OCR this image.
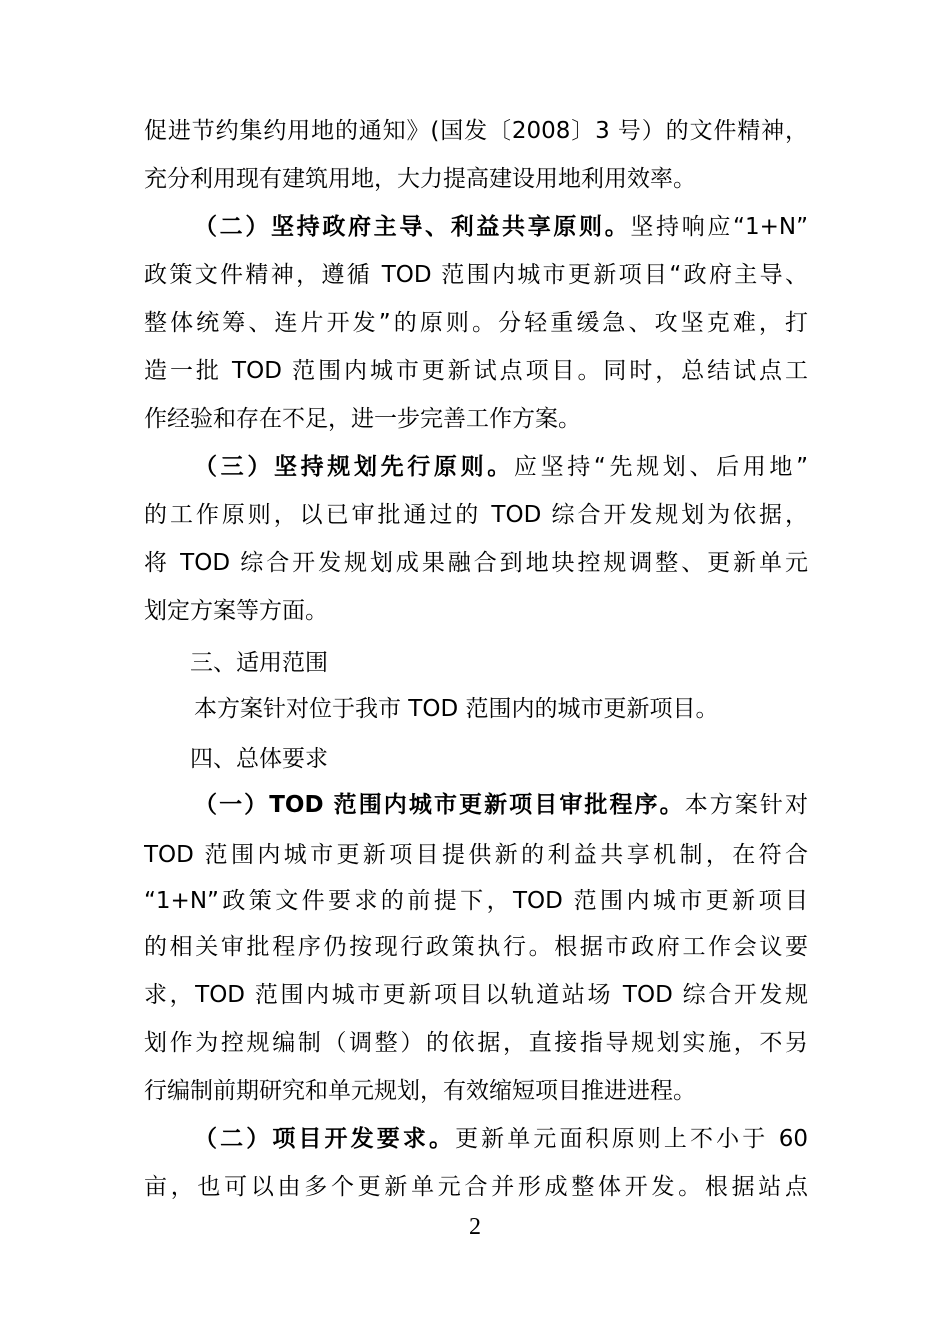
促进节约集约用地的通知》(国发〔2008〕3 号）的文件精神，
充分利用现有建筑用地，大力提高建设用地利用效率。
（二）坚持政府主导、利益共享原则。坚持响应“1+N”
政策文件精神，遵循 TOD 范围内城市更新项目“政府主导、
整体统筹、连片开发”的原则。分轻重缓急、攻坚克难，打
造一批 TOD 范围内城市更新试点项目。同时，总结试点工
作经验和存在不足，进一步完善工作方案。
（三）坚持规划先行原则。应坚持“先规划、后用地”
的工作原则，以已审批通过的 TOD 综合开发规划为依据，
将 TOD 综合开发规划成果融合到地块控规调整、更新单元
划定方案等方面。
三、适用范围
本方案针对位于我市 TOD 范围内的城市更新项目。
四、总体要求
（一）TOD 范围内城市更新项目审批程序。本方案针对
TOD 范围内城市更新项目提供新的利益共享机制，在符合
“1+N”政策文件要求的前提下，TOD 范围内城市更新项目
的相关审批程序仍按现行政策执行。根据市政府工作会议要
求，TOD 范围内城市更新项目以轨道站场 TOD 综合开发规
划作为控规编制（调整）的依据，直接指导规划实施，不另
行编制前期研究和单元规划，有效缩短项目推进进程。
（二）项目开发要求。更新单元面积原则上不小于 60
亩，也可以由多个更新单元合并形成整体开发。根据站点
2
